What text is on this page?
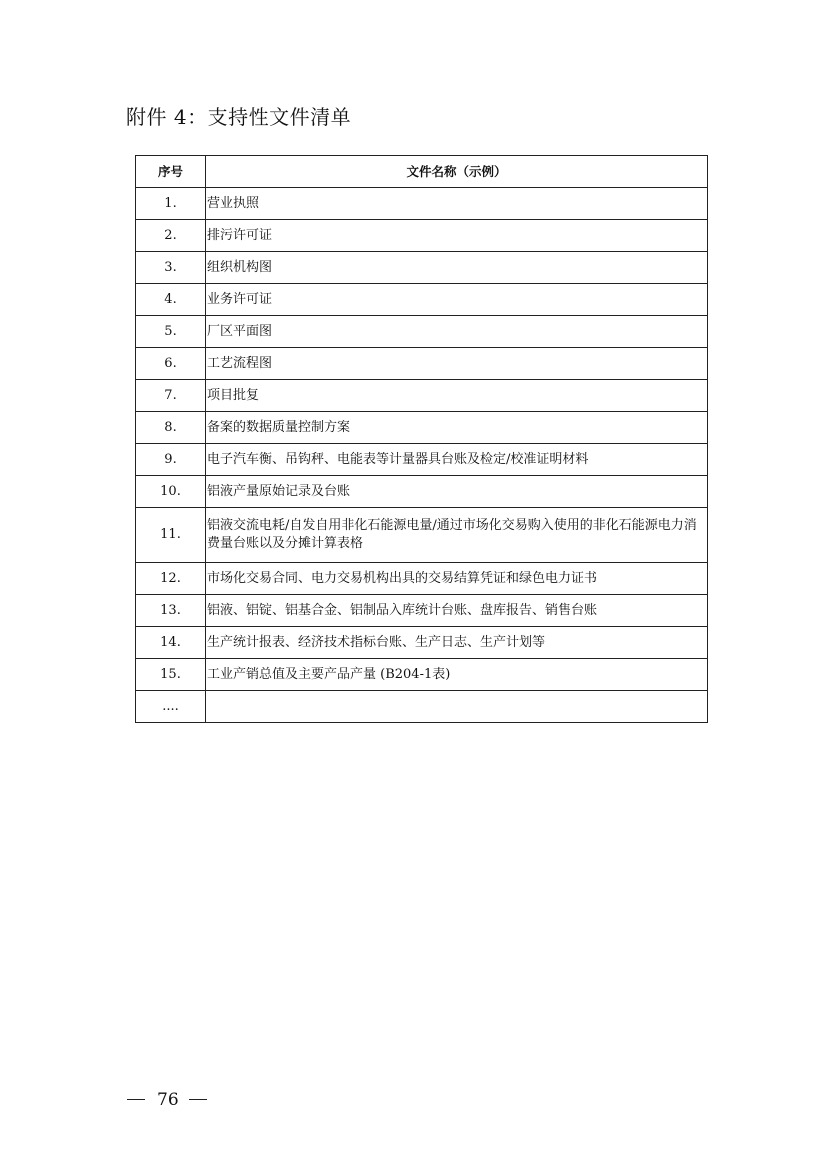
附件 4：支持性文件清单
序号	文件名称（示例）
1.	营业执照
2.	排污许可证
3.	组织机构图
4.	业务许可证
5.	厂区平面图
6.	工艺流程图
7.	项目批复
8.	备案的数据质量控制方案
9.	电子汽车衡、吊钩秤、电能表等计量器具台账及检定/校准证明材料
10.	铝液产量原始记录及台账
11.	铝液交流电耗/自发自用非化石能源电量/通过市场化交易购入使用的非化石能源电力消费量台账以及分摊计算表格
12.	市场化交易合同、电力交易机构出具的交易结算凭证和绿色电力证书
13.	铝液、铝锭、铝基合金、铝制品入库统计台账、盘库报告、销售台账
14.	生产统计报表、经济技术指标台账、生产日志、生产计划等
15.	工业产销总值及主要产品产量 (B204-1表)
....	
76
